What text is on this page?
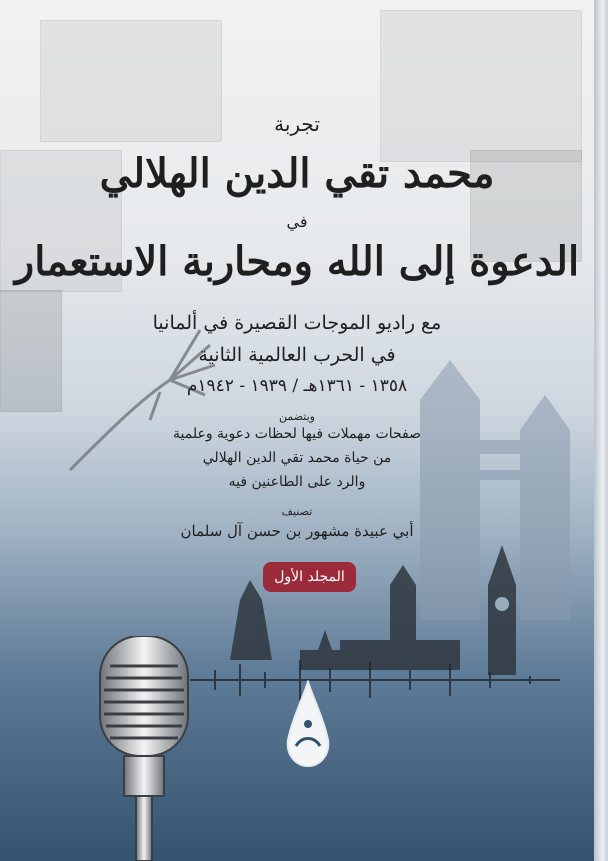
تجربة
محمد تقي الدين الهلالي
في
الدعوة إلى الله ومحاربة الاستعمار
مع راديو الموجات القصيرة في ألمانيا
في الحرب العالمية الثانية
١٣٥٨ - ١٣٦١هـ / ١٩٣٩ - ١٩٤٢م
ويتضمن
صفحات مهملات فيها لحظات دعوية وعلمية
من حياة محمد تقي الدين الهلالي
والرد على الطاعنين فيه
تصنيف
أبي عبيدة مشهور بن حسن آل سلمان
المجلد الأول
